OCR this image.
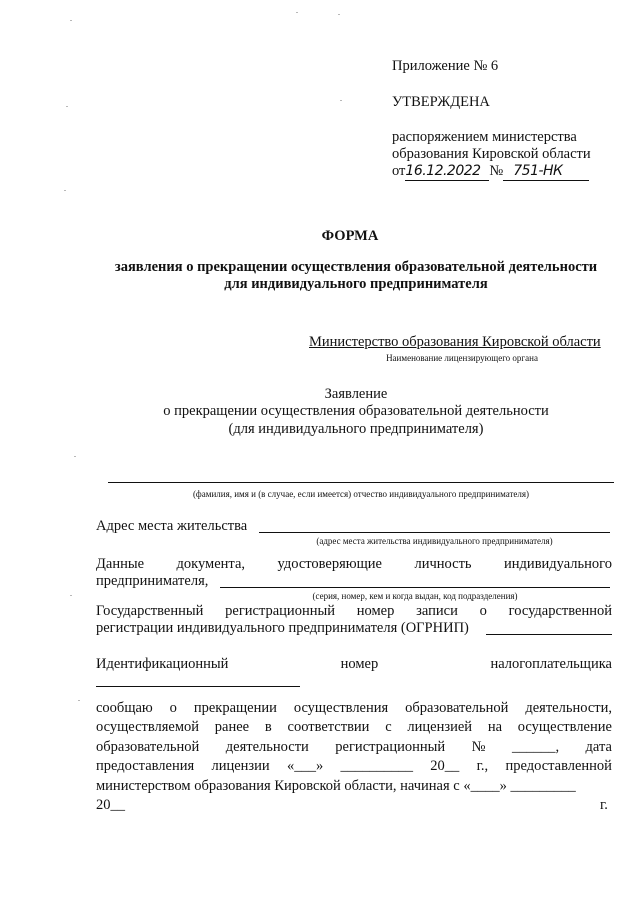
Приложение № 6
УТВЕРЖДЕНА
распоряжением министерства
образования Кировской области
от16.12.2022 № 751-НК
ФОРМА
заявления о прекращении осуществления образовательной деятельности
для индивидуального предпринимателя
Министерство образования Кировской области
Наименование лицензирующего органа
Заявление
о прекращении осуществления образовательной деятельности
(для индивидуального предпринимателя)
(фамилия, имя и (в случае, если имеется) отчество индивидуального предпринимателя)
Адрес места жительства
(адрес места жительства индивидуального предпринимателя)
Данные документа, удостоверяющие личность индивидуального
предпринимателя,
(серия, номер, кем и когда выдан, код подразделения)
Государственный регистрационный номер записи о государственной
регистрации индивидуального предпринимателя (ОГРНИП)
Идентификационный	номер	налогоплательщика
сообщаю о прекращении осуществления образовательной деятельности,
осуществляемой ранее в соответствии с лицензией на осуществление
образовательной деятельности регистрационный № ______, дата
предоставления лицензии «___» __________ 20__ г., предоставленной
министерством образования Кировской области, начиная с «____» _________
20__	г.
